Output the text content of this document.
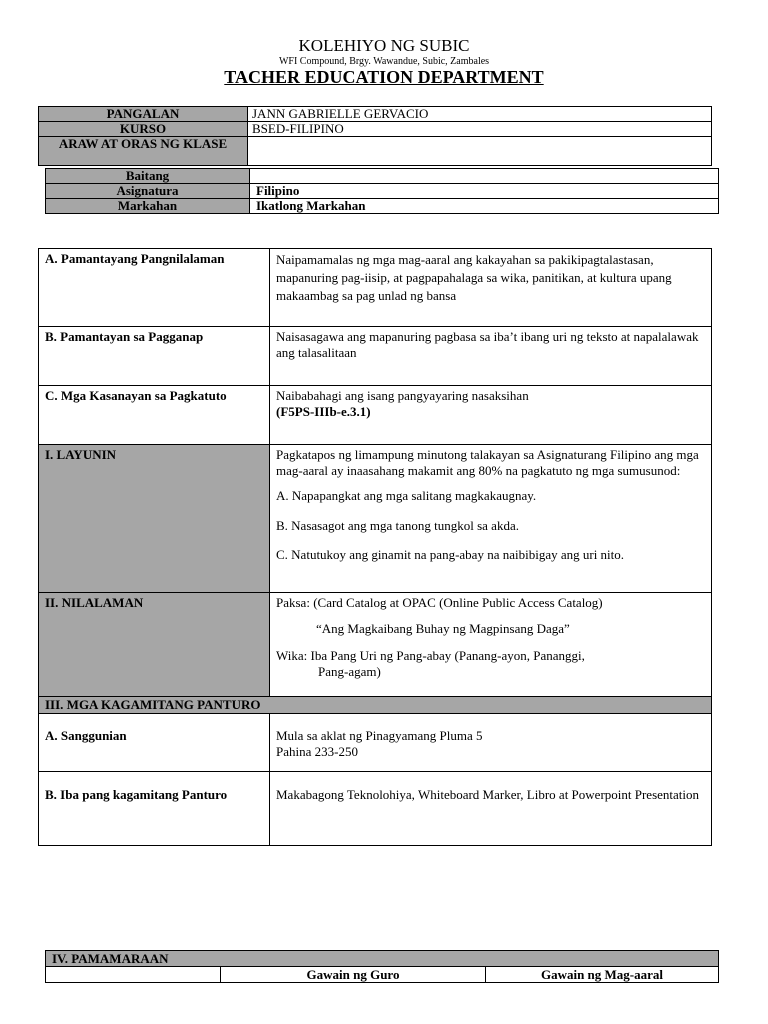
KOLEHIYO NG SUBIC
WFI Compound, Brgy. Wawandue, Subic, Zambales
TACHER EDUCATION DEPARTMENT
PANGALAN	JANN GABRIELLE GERVACIO
KURSO	BSED-FILIPINO
ARAW AT ORAS NG KLASE	
Baitang	
Asignatura	Filipino
Markahan	Ikatlong Markahan
A. Pamantayang Pangnilalaman	Naipamamalas ng mga mag-aaral ang kakayahan sa pakikipagtalastasan, mapanuring pag-iisip, at pagpapahalaga sa wika, panitikan, at kultura upang makaambag sa pag unlad ng bansa
B. Pamantayan sa Pagganap	Naisasagawa ang mapanuring pagbasa sa iba’t ibang uri ng teksto at napalalawak ang talasalitaan
C. Mga Kasanayan sa Pagkatuto	Naibabahagi ang isang pangyayaring nasaksihan

(F5PS-IIIb-e.3.1)

I. LAYUNIN	Pagkatapos ng limampung minutong talakayan sa Asignaturang Filipino ang mga mag-aaral ay inaasahang makamit ang 80% na pagkatuto ng mga sumusunod:

A. Napapangkat ang mga salitang magkakaugnay.

B. Nasasagot ang mga tanong tungkol sa akda.

C. Natutukoy ang ginamit na pang-abay na naibibigay ang uri nito.

II. NILALAMAN	Paksa: (Card Catalog at OPAC (Online Public Access Catalog)

“Ang Magkaibang Buhay ng Magpinsang Daga”

Wika: Iba Pang Uri ng Pang-abay (Panang-ayon, Pananggi,

Pang-agam)

III. MGA KAGAMITANG PANTURO	
A. Sanggunian	Mula sa aklat ng Pinagyamang Pluma 5

Pahina 233-250

B. Iba pang kagamitang Panturo	Makabagong Teknolohiya, Whiteboard Marker, Libro at Powerpoint Presentation
IV. PAMAMARAAN
	Gawain ng Guro	Gawain ng Mag-aaral
